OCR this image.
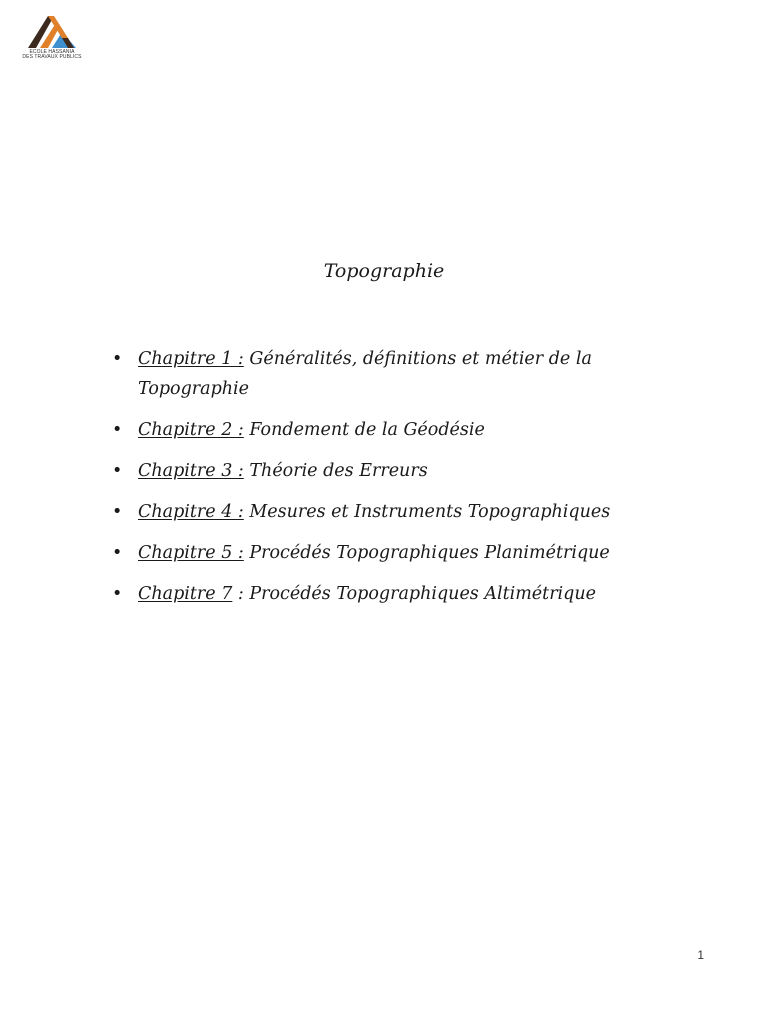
ECOLE HASSANIA
DES TRAVAUX PUBLICS
Topographie
• Chapitre 1 : Généralités, définitions et métier de la Topographie
• Chapitre 2 : Fondement de la Géodésie
• Chapitre 3 : Théorie des Erreurs
• Chapitre 4 : Mesures et Instruments Topographiques
• Chapitre 5 : Procédés Topographiques Planimétrique
• Chapitre 7 : Procédés Topographiques Altimétrique
1
